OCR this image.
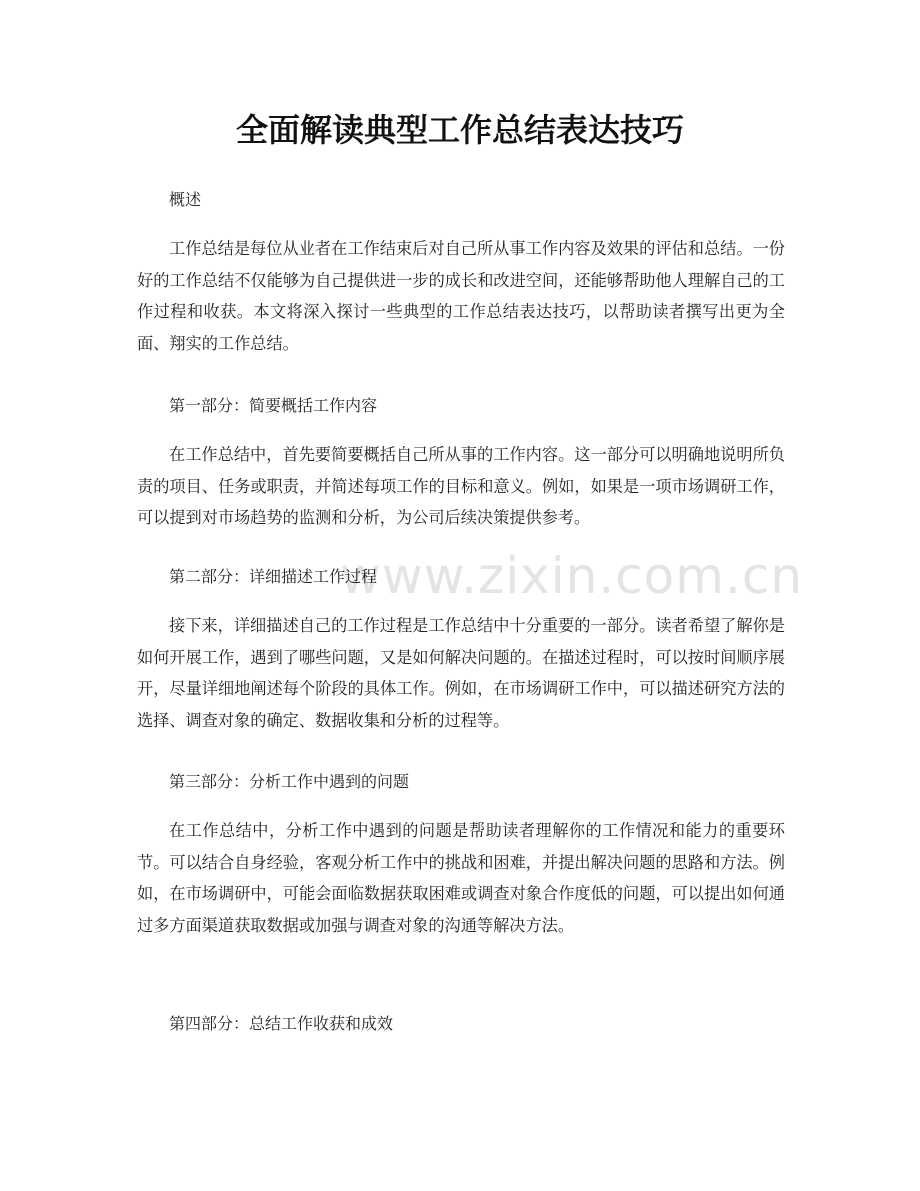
www.zixin.com.cn
全面解读典型工作总结表达技巧

概述

工作总结是每位从业者在工作结束后对自己所从事工作内容及效果的评估和总结。一份好的工作总结不仅能够为自己提供进一步的成长和改进空间，还能够帮助他人理解自己的工作过程和收获。本文将深入探讨一些典型的工作总结表达技巧，以帮助读者撰写出更为全面、翔实的工作总结。

第一部分：简要概括工作内容

在工作总结中，首先要简要概括自己所从事的工作内容。这一部分可以明确地说明所负责的项目、任务或职责，并简述每项工作的目标和意义。例如，如果是一项市场调研工作，可以提到对市场趋势的监测和分析，为公司后续决策提供参考。

第二部分：详细描述工作过程

接下来，详细描述自己的工作过程是工作总结中十分重要的一部分。读者希望了解你是如何开展工作，遇到了哪些问题，又是如何解决问题的。在描述过程时，可以按时间顺序展开，尽量详细地阐述每个阶段的具体工作。例如，在市场调研工作中，可以描述研究方法的选择、调查对象的确定、数据收集和分析的过程等。

第三部分：分析工作中遇到的问题

在工作总结中，分析工作中遇到的问题是帮助读者理解你的工作情况和能力的重要环节。可以结合自身经验，客观分析工作中的挑战和困难，并提出解决问题的思路和方法。例如，在市场调研中，可能会面临数据获取困难或调查对象合作度低的问题，可以提出如何通过多方面渠道获取数据或加强与调查对象的沟通等解决方法。

第四部分：总结工作收获和成效
